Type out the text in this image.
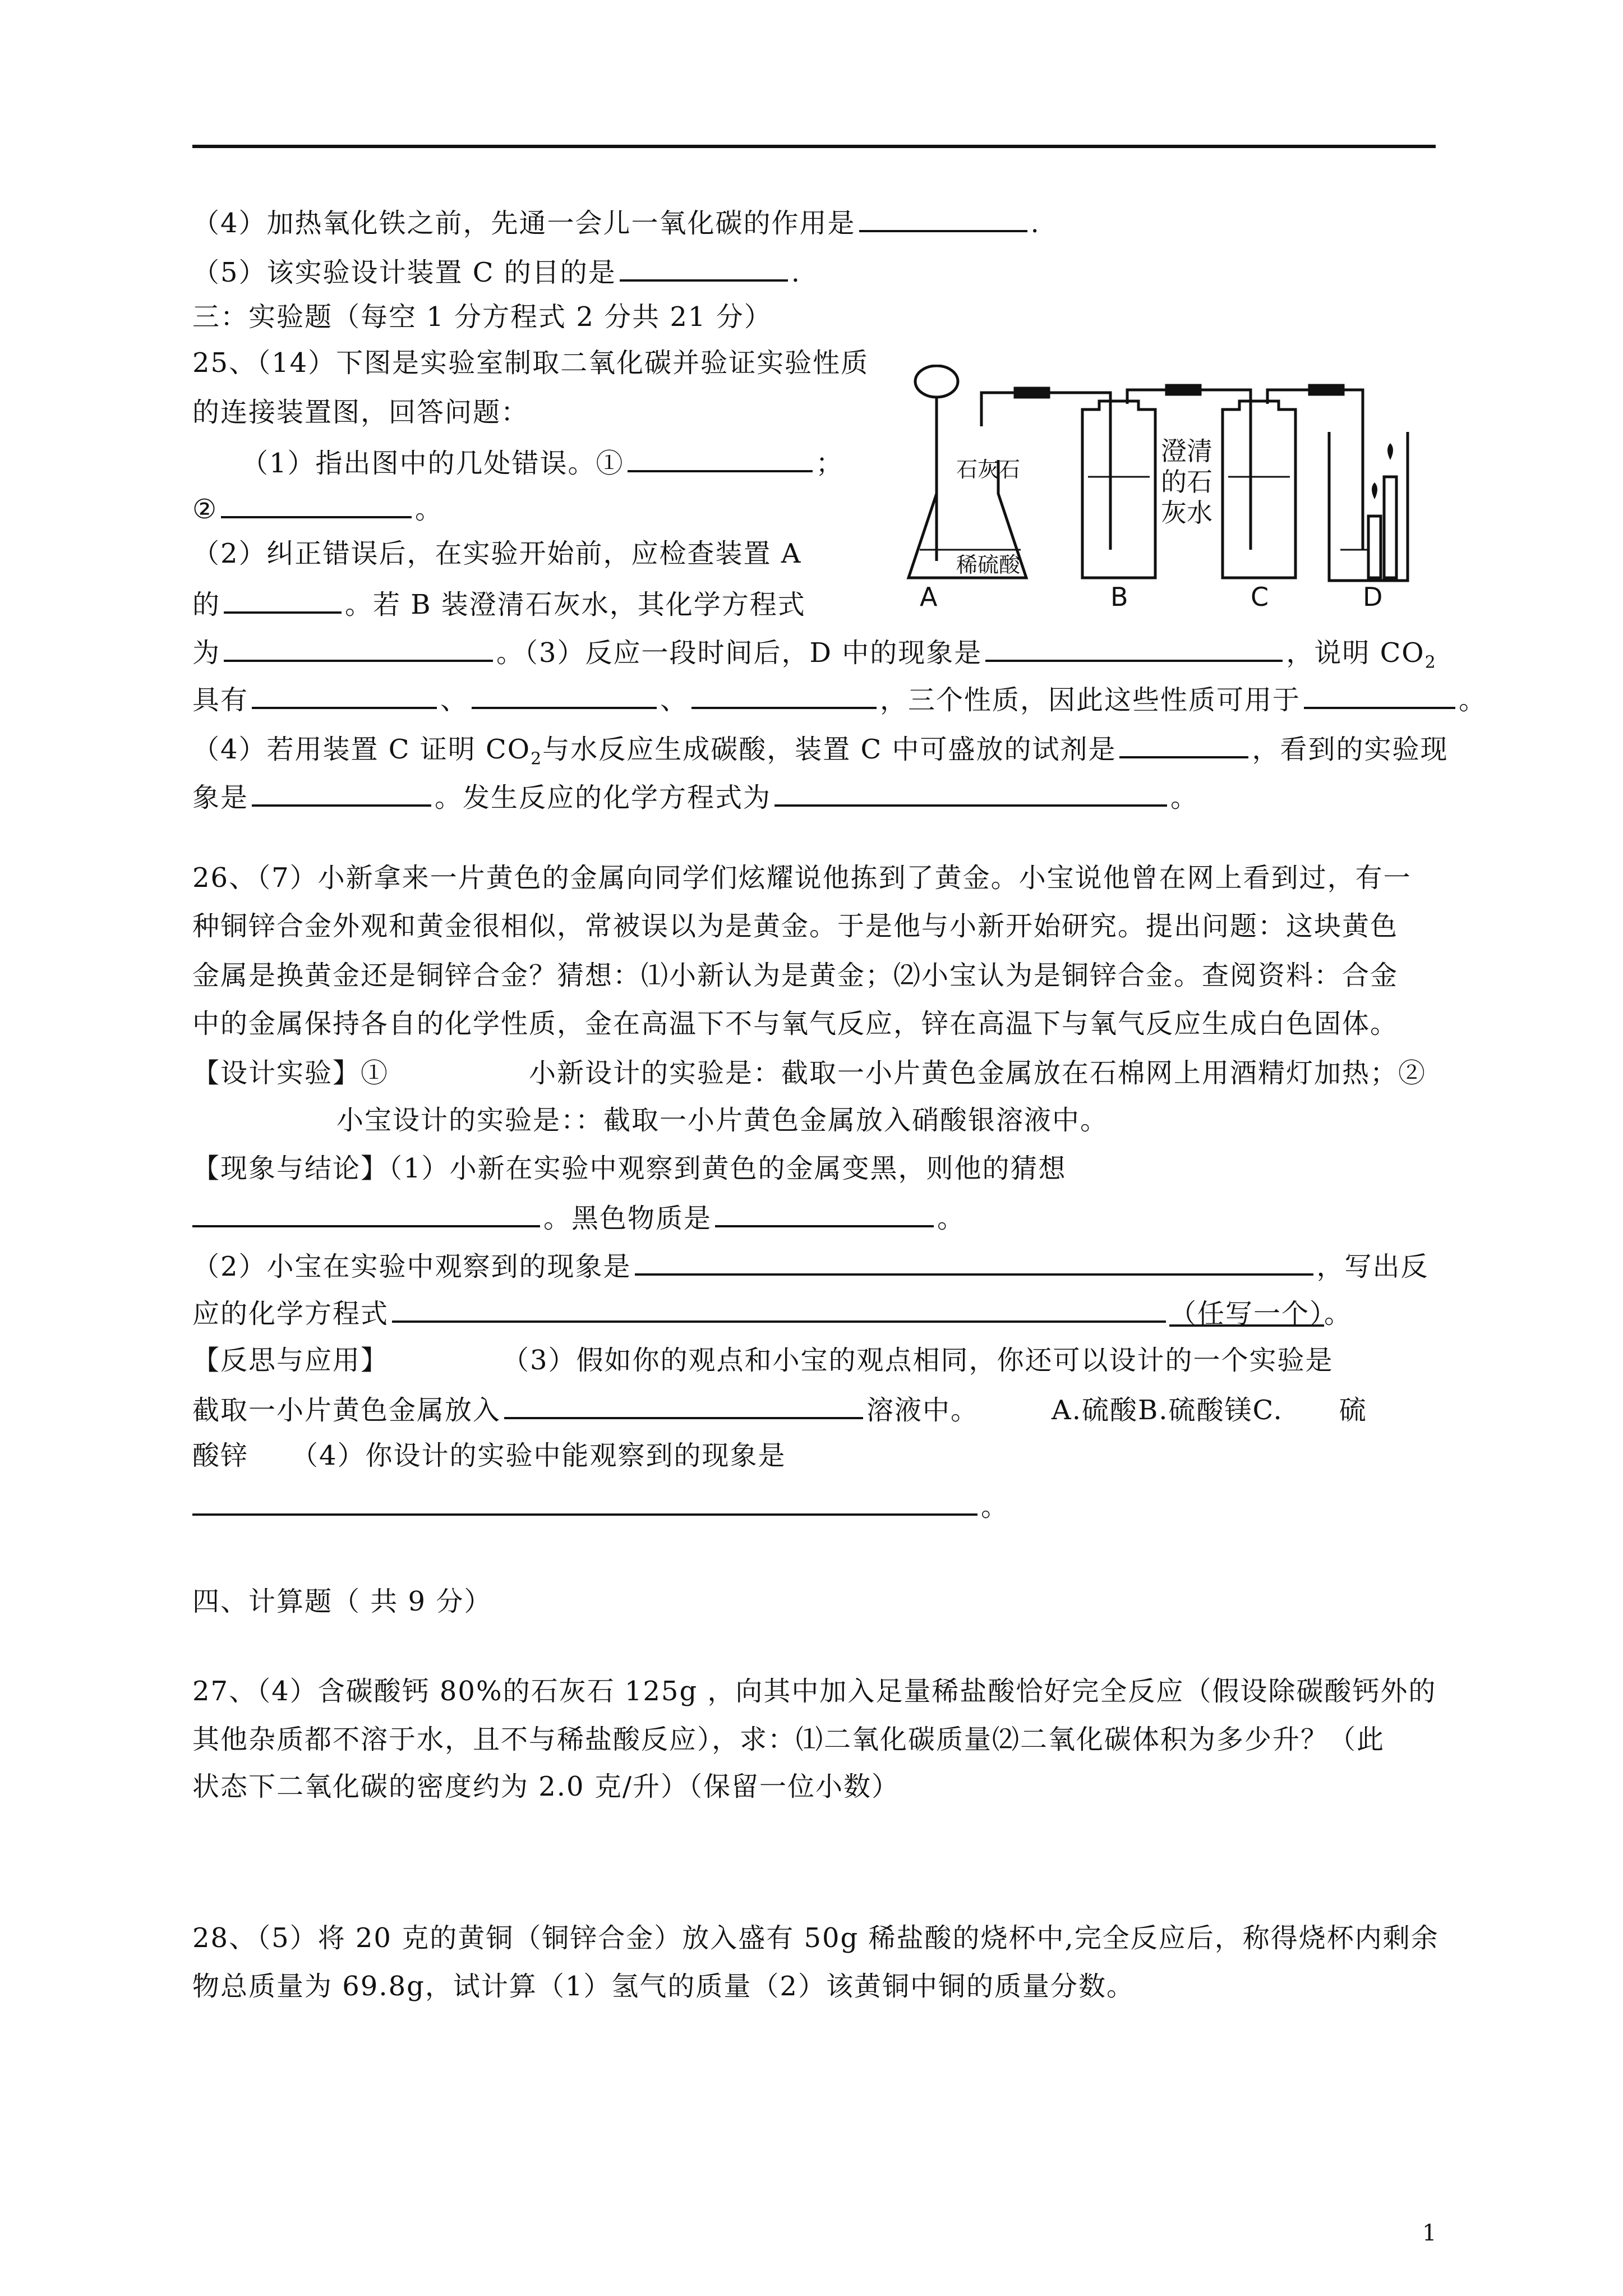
（4）加热氧化铁之前，先通一会儿一氧化碳的作用是	.
（5）该实验设计装置 C 的目的是	.
三：实验题（每空 1 分方程式 2 分共 21 分）
25、（14）下图是实验室制取二氧化碳并验证实验性质
的连接装置图，回答问题：
（1）指出图中的几处错误。①	；
②	。
（2）纠正错误后，在实验开始前，应检查装置 A
的	。若 B 装澄清石灰水，其化学方程式
为	。（3）反应一段时间后，D 中的现象是	，说明 $CO_2$
具有	、	、	，三个性质，因此这些性质可用于	。
（4）若用装置 C 证明 $CO_2$与水反应生成碳酸，装置 C 中可盛放的试剂是	，看到的实验现
象是	。发生反应的化学方程式为	。
石灰石
稀硫酸
澄清
的石
灰水
A	B	C	D
26、（7）小新拿来一片黄色的金属向同学们炫耀说他拣到了黄金。小宝说他曾在网上看到过，有一
种铜锌合金外观和黄金很相似，常被误以为是黄金。于是他与小新开始研究。提出问题：这块黄色
金属是换黄金还是铜锌合金？猜想：⑴小新认为是黄金；⑵小宝认为是铜锌合金。查阅资料：合金
中的金属保持各自的化学性质，金在高温下不与氧气反应，锌在高温下与氧气反应生成白色固体。
【设计实验】①　　　　　小新设计的实验是：截取一小片黄色金属放在石棉网上用酒精灯加热；②
小宝设计的实验是：：截取一小片黄色金属放入硝酸银溶液中。
【现象与结论】（1）小新在实验中观察到黄色的金属变黑，则他的猜想
。黑色物质是	。
（2）小宝在实验中观察到的现象是	，写出反
应的化学方程式	（任写一个）。
【反思与应用】　　　　　（3）假如你的观点和小宝的观点相同，你还可以设计的一个实验是
截取一小片黄色金属放入	溶液中。	A.硫酸B.硫酸镁C.　　硫
酸锌　　（4）你设计的实验中能观察到的现象是
。
四、计算题（ 共 9 分）
27、（4）含碳酸钙 80%的石灰石 125g ，向其中加入足量稀盐酸恰好完全反应（假设除碳酸钙外的
其他杂质都不溶于水，且不与稀盐酸反应），求：⑴二氧化碳质量⑵二氧化碳体积为多少升？（此
状态下二氧化碳的密度约为 2.0 克/升）（保留一位小数）
28、（5）将 20 克的黄铜（铜锌合金）放入盛有 50g 稀盐酸的烧杯中,完全反应后，称得烧杯内剩余
物总质量为 69.8g，试计算（1）氢气的质量（2）该黄铜中铜的质量分数。
1
